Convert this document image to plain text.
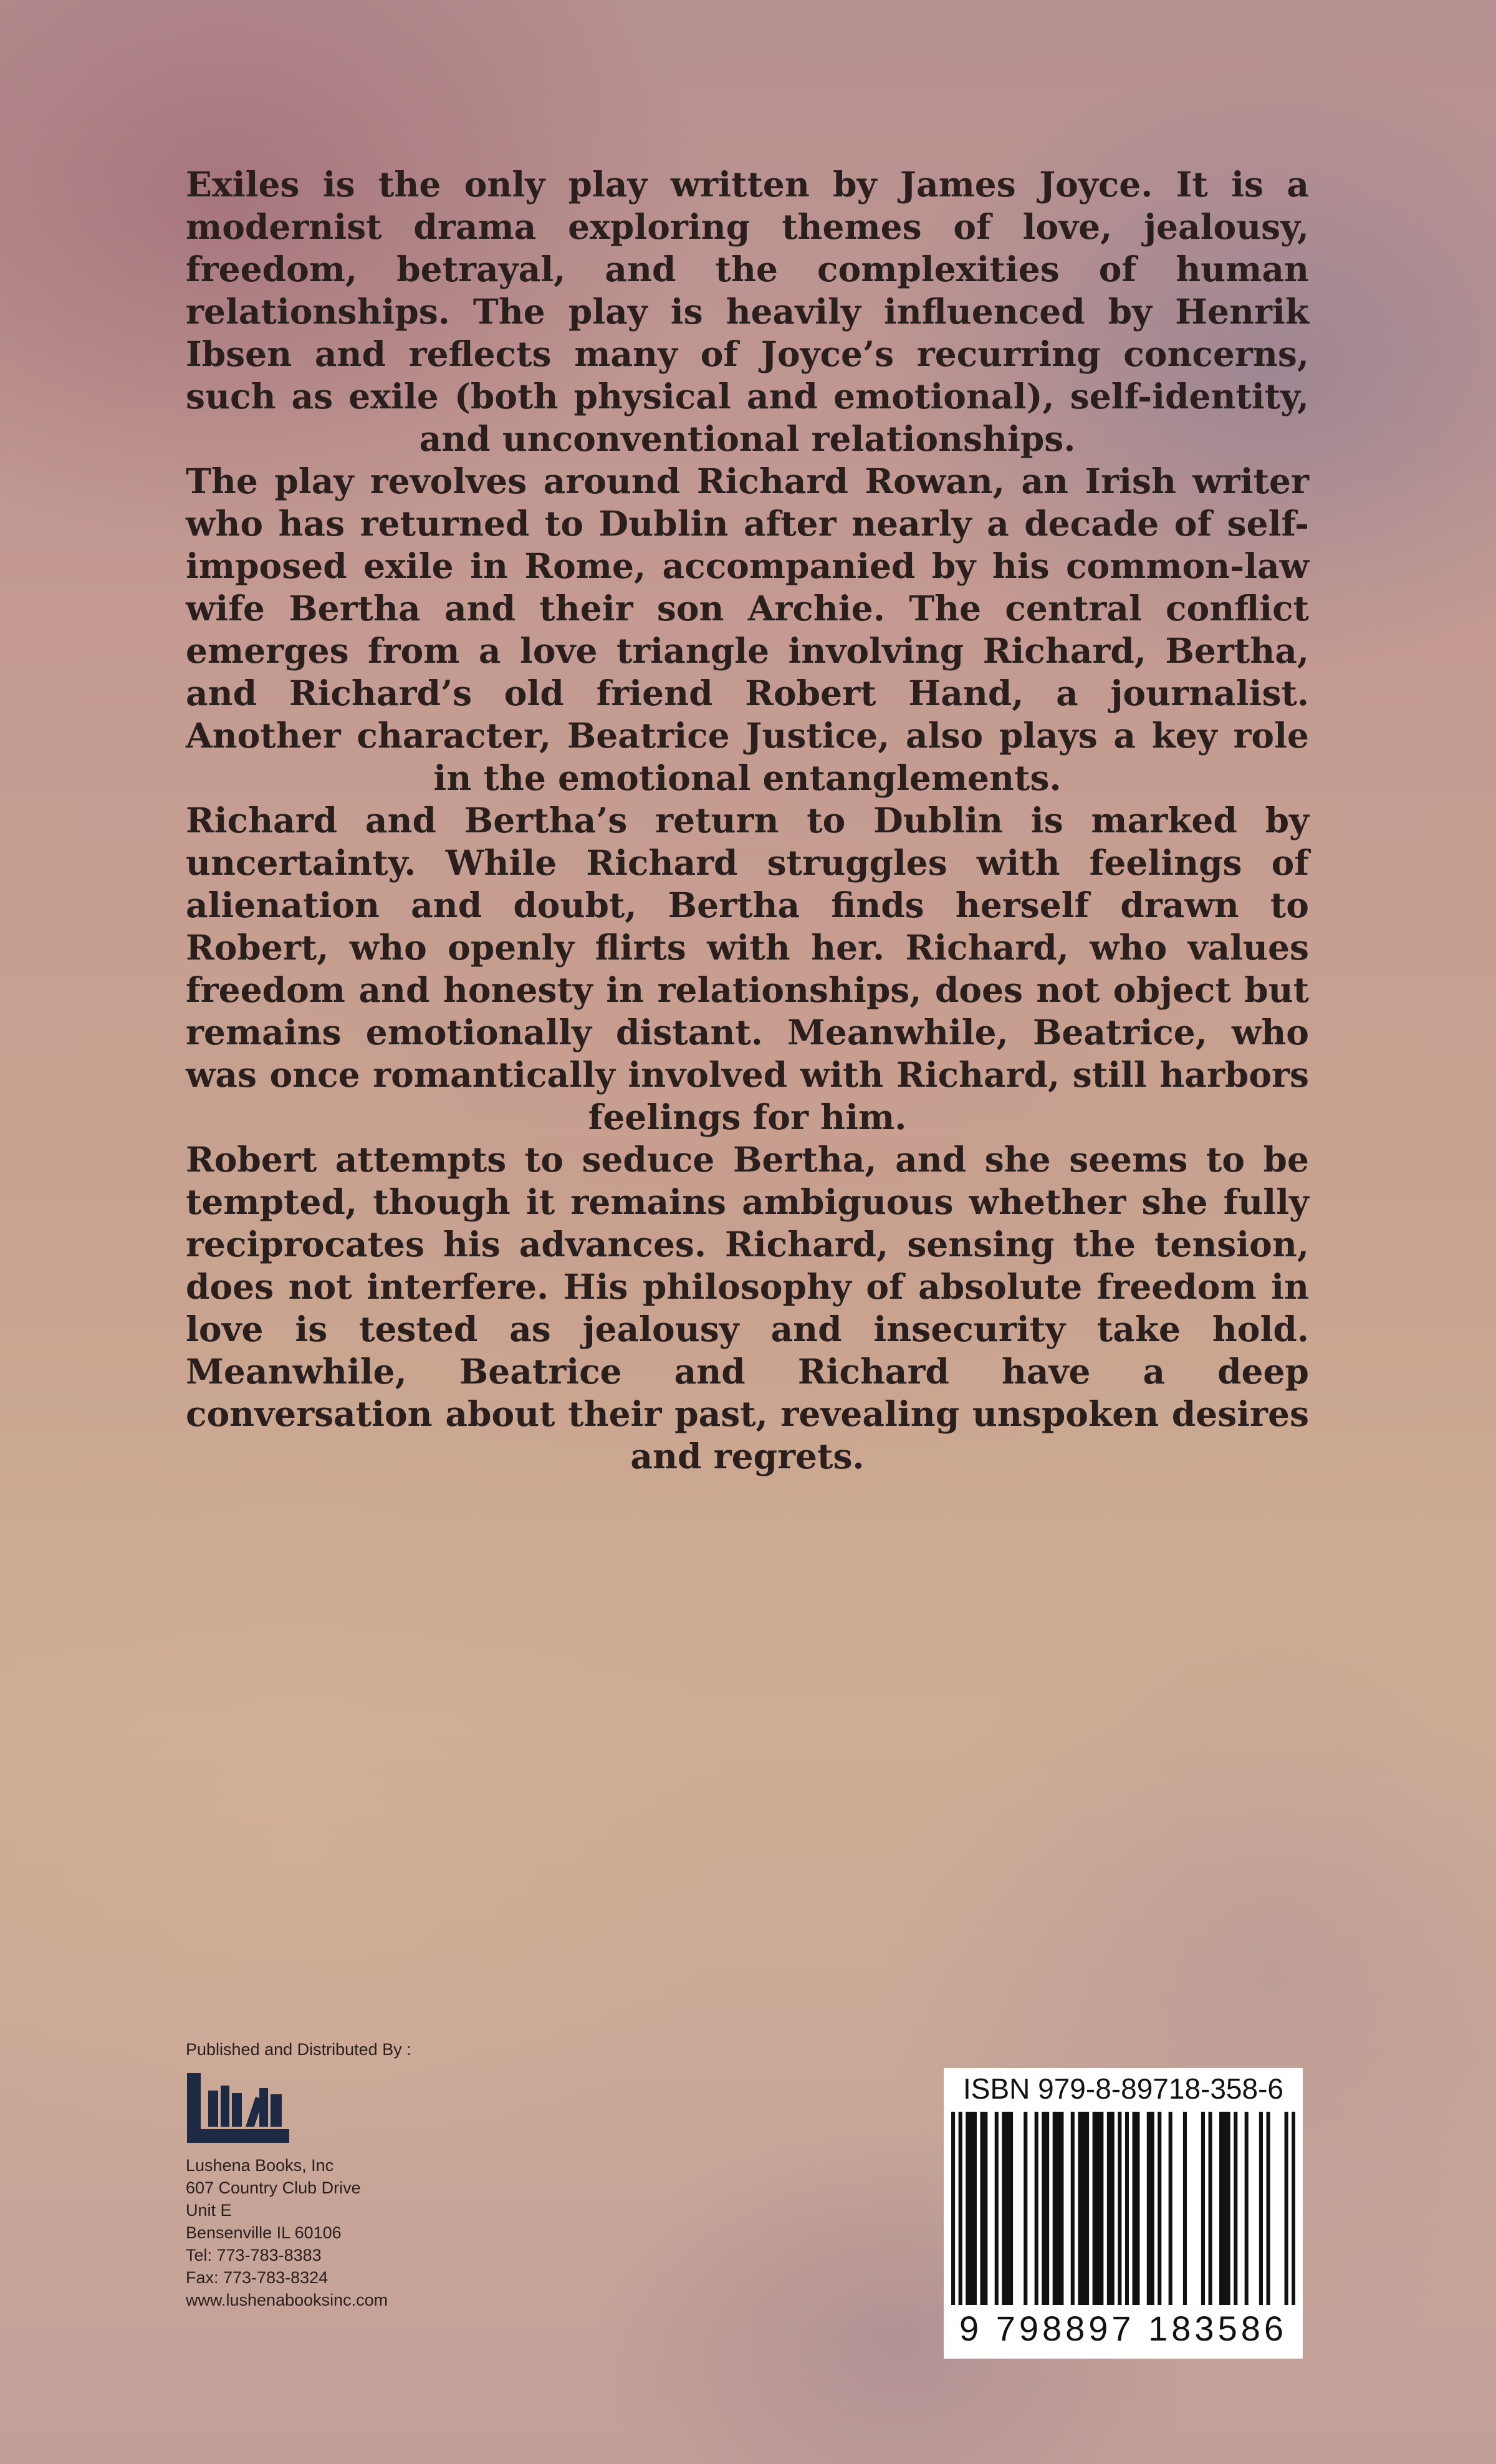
Exiles is the only play written by James Joyce. It is a modernist drama exploring themes of love, jealousy, freedom, betrayal, and the complexities of human relationships. The play is heavily influenced by Henrik Ibsen and reflects many of Joyce’s recurring concerns, such as exile (both physical and emotional), self-identity, and unconventional relationships.

The play revolves around Richard Rowan, an Irish writer who has returned to Dublin after nearly a decade of self-imposed exile in Rome, accompanied by his common-law wife Bertha and their son Archie. The central conflict emerges from a love triangle involving Richard, Bertha, and Richard’s old friend Robert Hand, a journalist. Another character, Beatrice Justice, also plays a key role in the emotional entanglements.

Richard and Bertha’s return to Dublin is marked by uncertainty. While Richard struggles with feelings of alienation and doubt, Bertha finds herself drawn to Robert, who openly flirts with her. Richard, who values freedom and honesty in relationships, does not object but remains emotionally distant. Meanwhile, Beatrice, who was once romantically involved with Richard, still harbors feelings for him.

Robert attempts to seduce Bertha, and she seems to be tempted, though it remains ambiguous whether she fully reciprocates his advances. Richard, sensing the tension, does not interfere. His philosophy of absolute freedom in love is tested as jealousy and insecurity take hold. Meanwhile, Beatrice and Richard have a deep conversation about their past, revealing unspoken desires and regrets.

Published and Distributed By :
Lushena Books, Inc
607 Country Club Drive
Unit E
Bensenville IL 60106
Tel: 773-783-8383
Fax: 773-783-8324
www.lushenabooksinc.com
ISBN 979-8-89718-358-6
9 798897 183586
